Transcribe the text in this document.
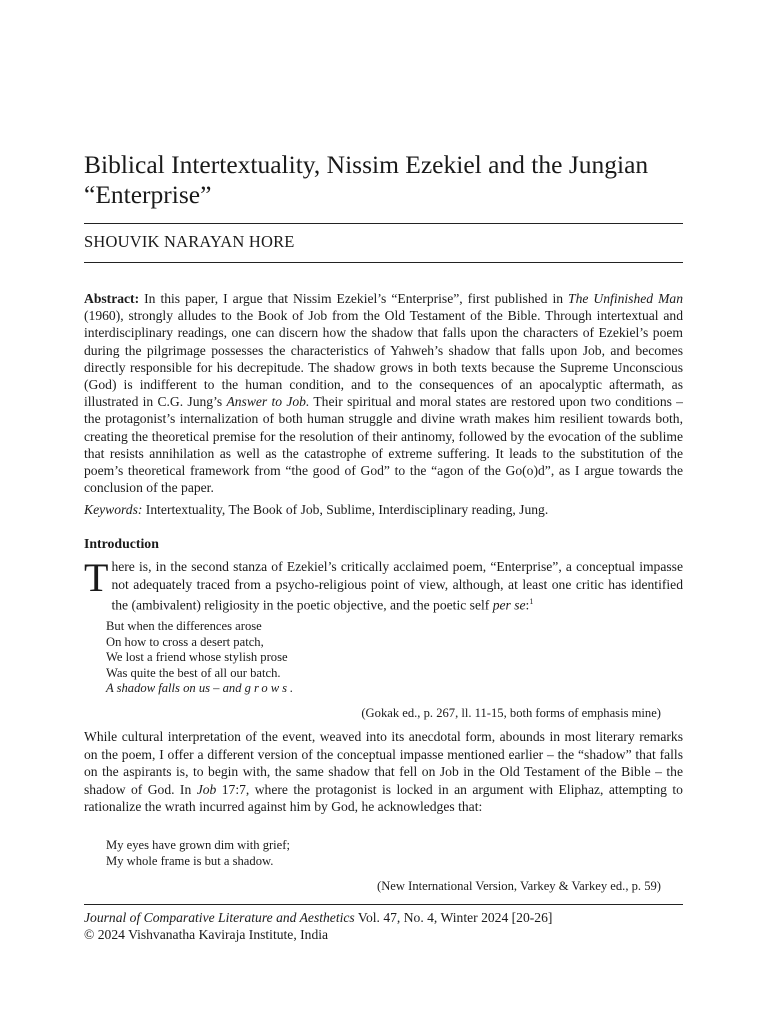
Biblical Intertextuality, Nissim Ezekiel and the Jungian “Enterprise”
SHOUVIK NARAYAN HORE

Abstract: In this paper, I argue that Nissim Ezekiel’s “Enterprise”, first published in The Unfinished Man (1960), strongly alludes to the Book of Job from the Old Testament of the Bible. Through intertextual and interdisciplinary readings, one can discern how the shadow that falls upon the characters of Ezekiel’s poem during the pilgrimage possesses the characteristics of Yahweh’s shadow that falls upon Job, and becomes directly responsible for his decrepitude. The shadow grows in both texts because the Supreme Unconscious (God) is indifferent to the human condition, and to the consequences of an apocalyptic aftermath, as illustrated in C.G. Jung’s Answer to Job. Their spiritual and moral states are restored upon two conditions – the protagonist’s internalization of both human struggle and divine wrath makes him resilient towards both, creating the theoretical premise for the resolution of their antinomy, followed by the evocation of the sublime that resists annihilation as well as the catastrophe of extreme suffering. It leads to the substitution of the poem’s theoretical framework from “the good of God” to the “agon of the Go(o)d”, as I argue towards the conclusion of the paper.

Keywords: Intertextuality, The Book of Job, Sublime, Interdisciplinary reading, Jung.

Introduction

There is, in the second stanza of Ezekiel’s critically acclaimed poem, “Enterprise”, a conceptual impasse not adequately traced from a psycho-religious point of view, although, at least one critic has identified the (ambivalent) religiosity in the poetic objective, and the poetic self per se:$^1$

But when the differences arose
On how to cross a desert patch,
We lost a friend whose stylish prose
Was quite the best of all our batch.
A shadow falls on us – and grows.
(Gokak ed., p. 267, ll. 11-15, both forms of emphasis mine)

While cultural interpretation of the event, weaved into its anecdotal form, abounds in most literary remarks on the poem, I offer a different version of the conceptual impasse mentioned earlier – the “shadow” that falls on the aspirants is, to begin with, the same shadow that fell on Job in the Old Testament of the Bible – the shadow of God. In Job 17:7, where the protagonist is locked in an argument with Eliphaz, attempting to rationalize the wrath incurred against him by God, he acknowledges that:

My eyes have grown dim with grief;
My whole frame is but a shadow.
(New International Version, Varkey & Varkey ed., p. 59)
Journal of Comparative Literature and Aesthetics Vol. 47, No. 4, Winter 2024 [20-26]
© 2024 Vishvanatha Kaviraja Institute, India
